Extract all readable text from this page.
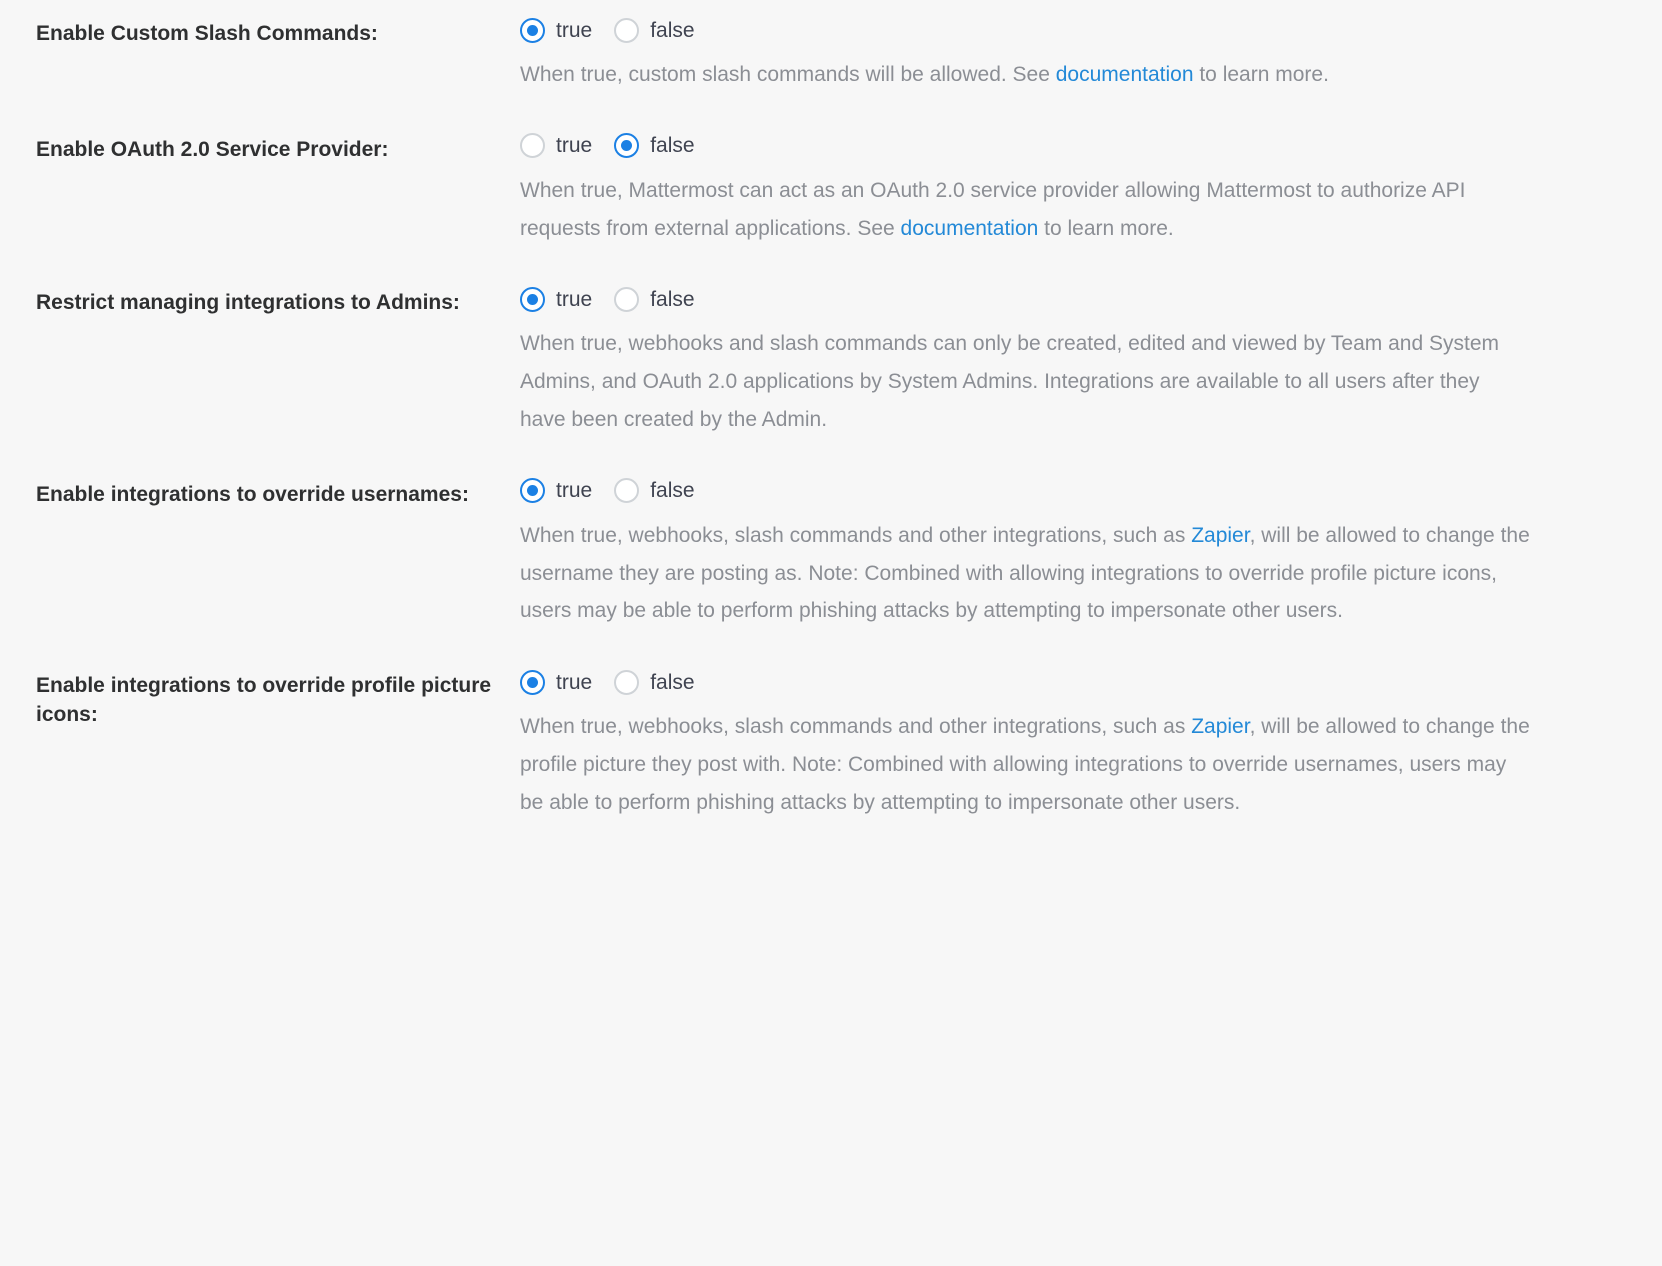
Enable Custom Slash Commands:	true	false
When true, custom slash commands will be allowed. See documentation to learn more.
Enable OAuth 2.0 Service Provider:	true	false
When true, Mattermost can act as an OAuth 2.0 service provider allowing Mattermost to authorize API requests from external applications. See documentation to learn more.
Restrict managing integrations to Admins:	true	false
When true, webhooks and slash commands can only be created, edited and viewed by Team and System Admins, and OAuth 2.0 applications by System Admins. Integrations are available to all users after they have been created by the Admin.
Enable integrations to override usernames:	true	false
When true, webhooks, slash commands and other integrations, such as Zapier, will be allowed to change the username they are posting as. Note: Combined with allowing integrations to override profile picture icons, users may be able to perform phishing attacks by attempting to impersonate other users.
Enable integrations to override profile picture icons:
true	false
When true, webhooks, slash commands and other integrations, such as Zapier, will be allowed to change the profile picture they post with. Note: Combined with allowing integrations to override usernames, users may be able to perform phishing attacks by attempting to impersonate other users.
